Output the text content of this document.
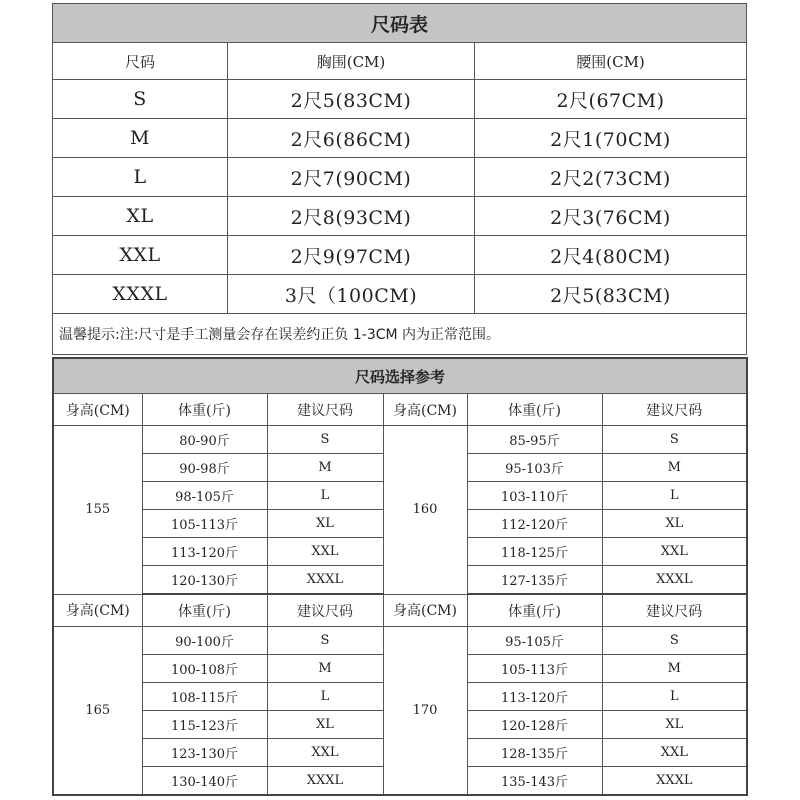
尺码表		
尺码	胸围(CM)	腰围(CM)
S	2尺5(83CM)	2尺(67CM)
M	2尺6(86CM)	2尺1(70CM)
L	2尺7(90CM)	2尺2(73CM)
XL	2尺8(93CM)	2尺3(76CM)
XXL	2尺9(97CM)	2尺4(80CM)
XXXL	3尺（100CM)	2尺5(83CM)
温馨提示:注:尺寸是手工测量会存在误差约正负 1-3CM 内为正常范围。		
尺码选择参考					
身高(CM)	体重(斤)	建议尺码	身高(CM)	体重(斤)	建议尺码
155	80-90斤	S	160	85-95斤	S
	90-98斤	M		95-103斤	M
	98-105斤	L		103-110斤	L
	105-113斤	XL		112-120斤	XL
	113-120斤	XXL		118-125斤	XXL
	120-130斤	XXXL		127-135斤	XXXL
身高(CM)	体重(斤)	建议尺码	身高(CM)	体重(斤)	建议尺码
165	90-100斤	S	170	95-105斤	S
	100-108斤	M		105-113斤	M
	108-115斤	L		113-120斤	L
	115-123斤	XL		120-128斤	XL
	123-130斤	XXL		128-135斤	XXL
	130-140斤	XXXL		135-143斤	XXXL
